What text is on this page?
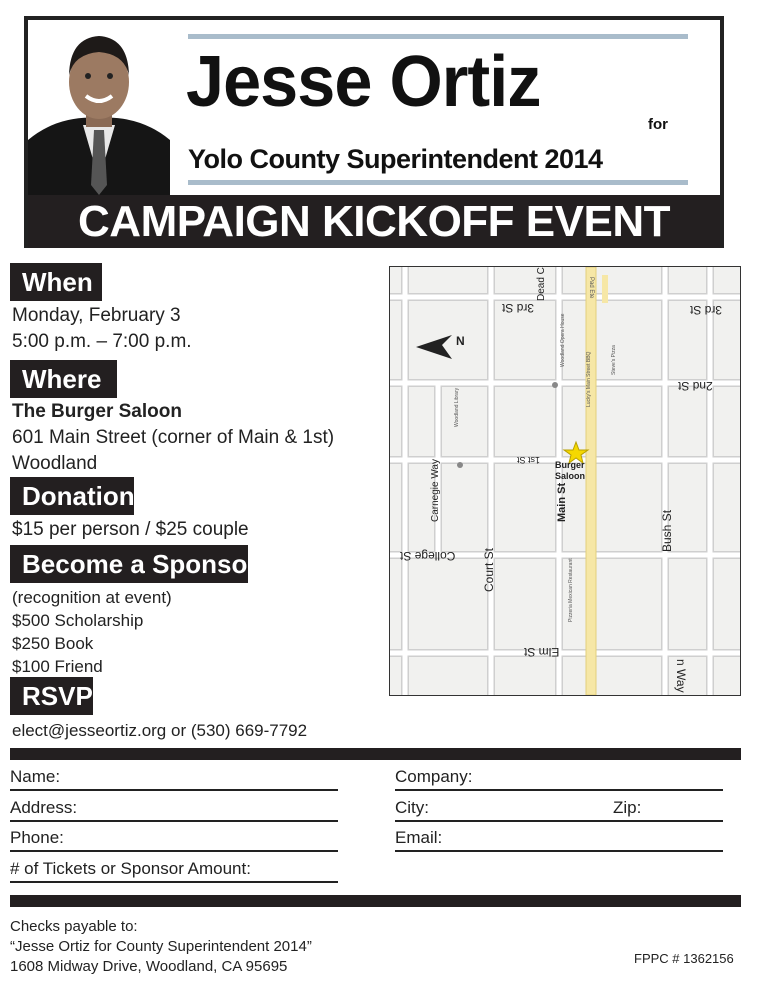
Jesse Ortiz
for
Yolo County Superintendent 2014
CAMPAIGN KICKOFF EVENT
When
Monday, February 3
5:00 p.m. – 7:00 p.m.
Where
The Burger Saloon
601 Main Street (corner of Main & 1st)
Woodland
Donation
$15 per person / $25 couple
Become a Sponsor
(recognition at event)
$500 Scholarship
$250 Book
$100 Friend
RSVP
elect@jesseortiz.org or (530) 669-7792
N
3rd St	3rd St
2nd St
1st St
College St
Elm St
Main St
Court St
Bush St
Carnegie Way
Dead C
n Way
Pad Ete
Burger
Saloon
Woodland Library
Woodland Opera House	Steve's Pizza
Lucky's Main Street BBQ
Pizzeria Mexican Restaurant
Name:	Company:
Address:	City:	Zip:
Phone:	Email:
# of Tickets or Sponsor Amount:
Checks payable to:
“Jesse Ortiz for County Superintendent 2014”
1608 Midway Drive, Woodland, CA 95695	FPPC # 1362156
